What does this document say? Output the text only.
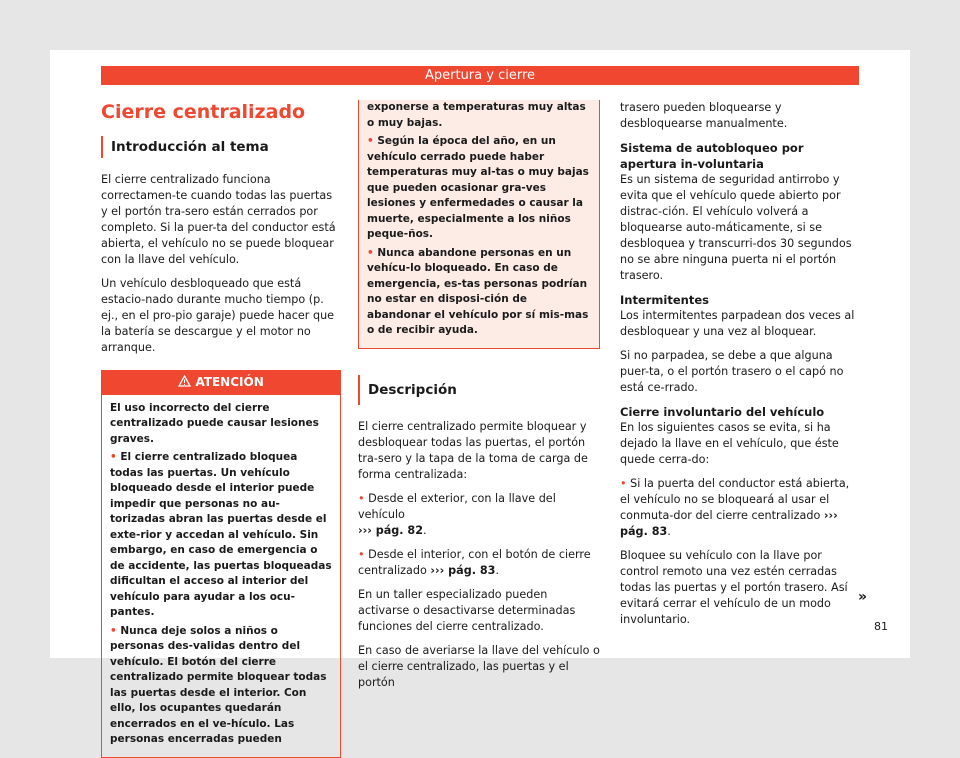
Apertura y cierre
Cierre centralizado
Introducción al tema

El cierre centralizado funciona correctamen-te cuando todas las puertas y el portón tra-sero están cerrados por completo. Si la puer-ta del conductor está abierta, el vehículo no se puede bloquear con la llave del vehículo.

Un vehículo desbloqueado que está estacio-nado durante mucho tiempo (p. ej., en el pro-pio garaje) puede hacer que la batería se descargue y el motor no arranque.

ATENCIÓN

El uso incorrecto del cierre centralizado puede causar lesiones graves.

• El cierre centralizado bloquea todas las puertas. Un vehículo bloqueado desde el interior puede impedir que personas no au-torizadas abran las puertas desde el exte-rior y accedan al vehículo. Sin embargo, en caso de emergencia o de accidente, las puertas bloqueadas dificultan el acceso al interior del vehículo para ayudar a los ocu-pantes.

• Nunca deje solos a niños o personas des-validas dentro del vehículo. El botón del cierre centralizado permite bloquear todas las puertas desde el interior. Con ello, los ocupantes quedarán encerrados en el ve-hículo. Las personas encerradas pueden

exponerse a temperaturas muy altas o muy bajas.

• Según la época del año, en un vehículo cerrado puede haber temperaturas muy al-tas o muy bajas que pueden ocasionar gra-ves lesiones y enfermedades o causar la muerte, especialmente a los niños peque-ños.

• Nunca abandone personas en un vehícu-lo bloqueado. En caso de emergencia, es-tas personas podrían no estar en disposi-ción de abandonar el vehículo por sí mis-mas o de recibir ayuda.

Descripción

El cierre centralizado permite bloquear y desbloquear todas las puertas, el portón tra-sero y la tapa de la toma de carga de forma centralizada:

• Desde el exterior, con la llave del vehículo
››› pág. 82.

• Desde el interior, con el botón de cierre centralizado ››› pág. 83.

En un taller especializado pueden activarse o desactivarse determinadas funciones del cierre centralizado.

En caso de averiarse la llave del vehículo o el cierre centralizado, las puertas y el portón

trasero pueden bloquearse y desbloquearse manualmente.

Sistema de autobloqueo por apertura in-voluntaria

Es un sistema de seguridad antirrobo y evita que el vehículo quede abierto por distrac-ción. El vehículo volverá a bloquearse auto-máticamente, si se desbloquea y transcurri-dos 30 segundos no se abre ninguna puerta ni el portón trasero.

Intermitentes

Los intermitentes parpadean dos veces al desbloquear y una vez al bloquear.

Si no parpadea, se debe a que alguna puer-ta, o el portón trasero o el capó no está ce-rrado.

Cierre involuntario del vehículo

En los siguientes casos se evita, si ha dejado la llave en el vehículo, que éste quede cerra-do:

• Si la puerta del conductor está abierta, el vehículo no se bloqueará al usar el conmuta-dor del cierre centralizado ››› pág. 83.

Bloquee su vehículo con la llave por control remoto una vez estén cerradas todas las puertas y el portón trasero. Así evitará cerrar el vehículo de un modo involuntario.

»
81
